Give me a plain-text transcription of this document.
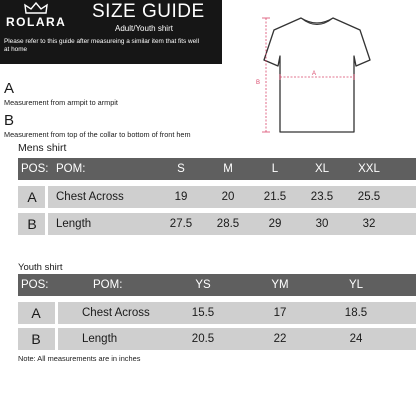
ROLARA SIZE GUIDE
Adult/Youth shirt
Please refer to this guide after measureing a similar item that fits well at home
A
Measurement from armpit to armpit
B
Measurement from top of the collar to bottom of front hem
B
A
Mens shirt
POS: POM:	S	M	L	XL	XXL
A Chest Across	19	20	21.5 23.5 25.5
B Length	27.5 28.5	29	30	32
Youth shirt
POS:	POM:	YS	YM	YL
A	Chest Across	15.5	17	18.5
B	Length	20.5	22	24
Note: All measurements are in inches
